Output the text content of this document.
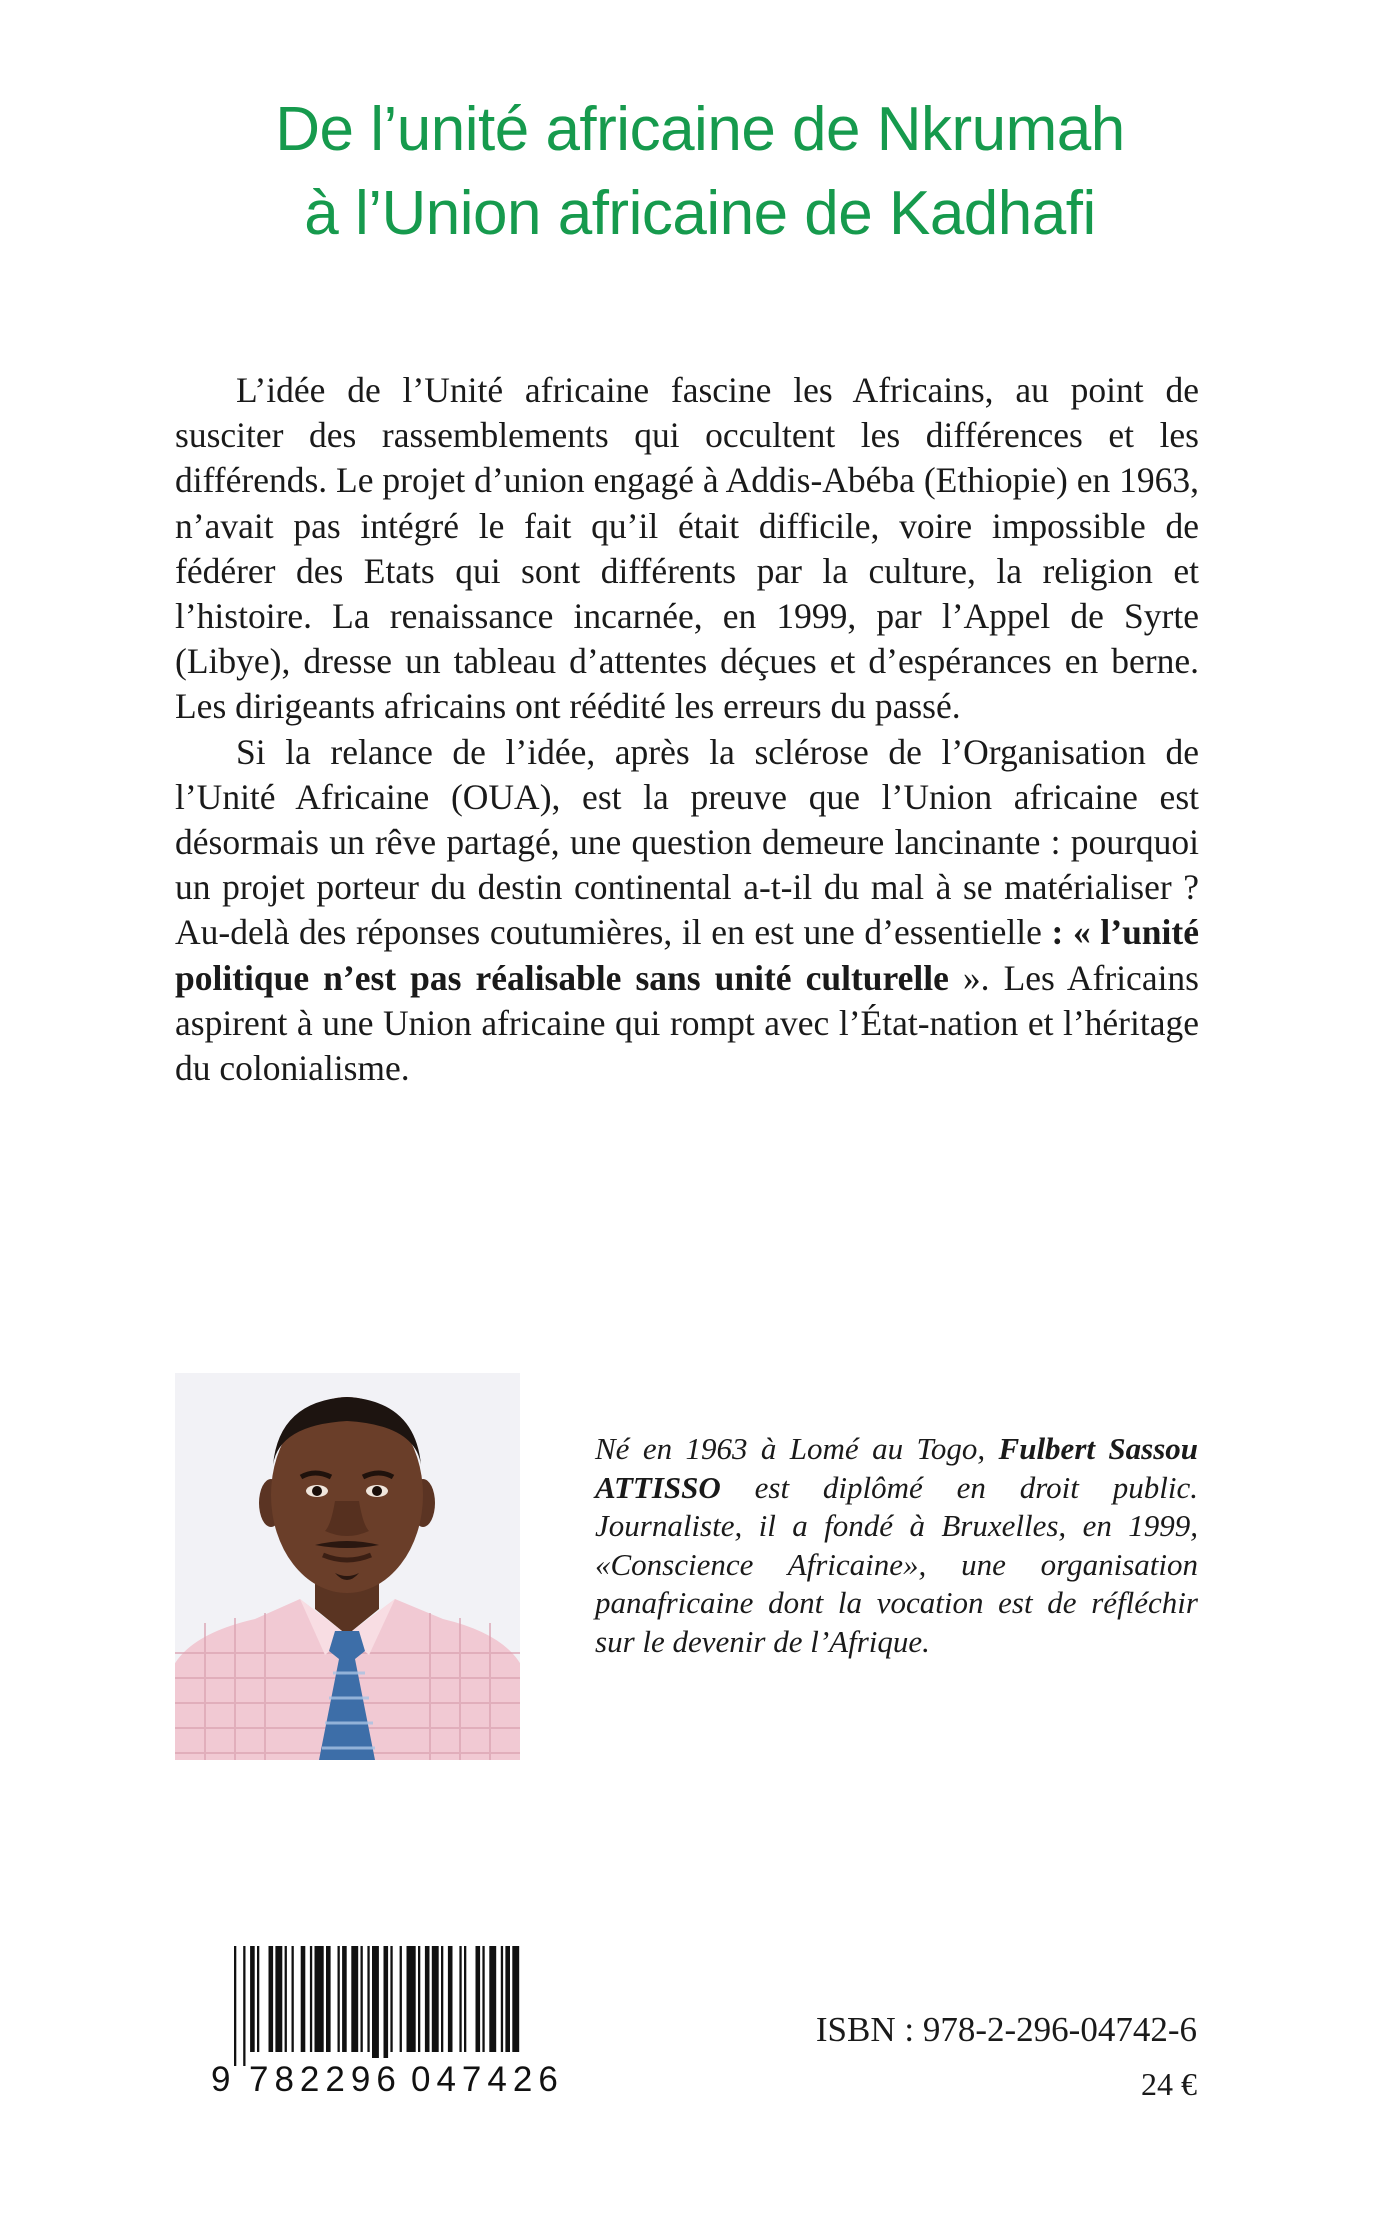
De l’unité africaine de Nkrumah
à l’Union africaine de Kadhafi

L’idée de l’Unité africaine fascine les Africains, au point de susciter des rassemblements qui occultent les différences et les différends. Le projet d’union engagé à Addis-Abéba (Ethiopie) en 1963, n’avait pas intégré le fait qu’il était difficile, voire impossible de fédérer des Etats qui sont différents par la culture, la religion et l’histoire. La renaissance incarnée, en 1999, par l’Appel de Syrte (Libye), dresse un tableau d’attentes déçues et d’espérances en berne. Les dirigeants africains ont réédité les erreurs du passé.

Si la relance de l’idée, après la sclérose de l’Organisation de l’Unité Africaine (OUA), est la preuve que l’Union africaine est désormais un rêve partagé, une question demeure lancinante : pourquoi un projet porteur du destin continental a-t-il du mal à se matérialiser ? Au-delà des réponses coutumières, il en est une d’essentielle : « l’unité politique n’est pas réalisable sans unité culturelle ». Les Africains aspirent à une Union africaine qui rompt avec l’État-nation et l’héritage du colonialisme.

Né en 1963 à Lomé au Togo, Fulbert Sassou ATTISSO est diplômé en droit public. Journaliste, il a fondé à Bruxelles, en 1999, «Conscience Africaine», une organisation panafricaine dont la vocation est de réfléchir sur le devenir de l’Afrique.

9 782296 047426
ISBN : 978-2-296-04742-6
24 €
